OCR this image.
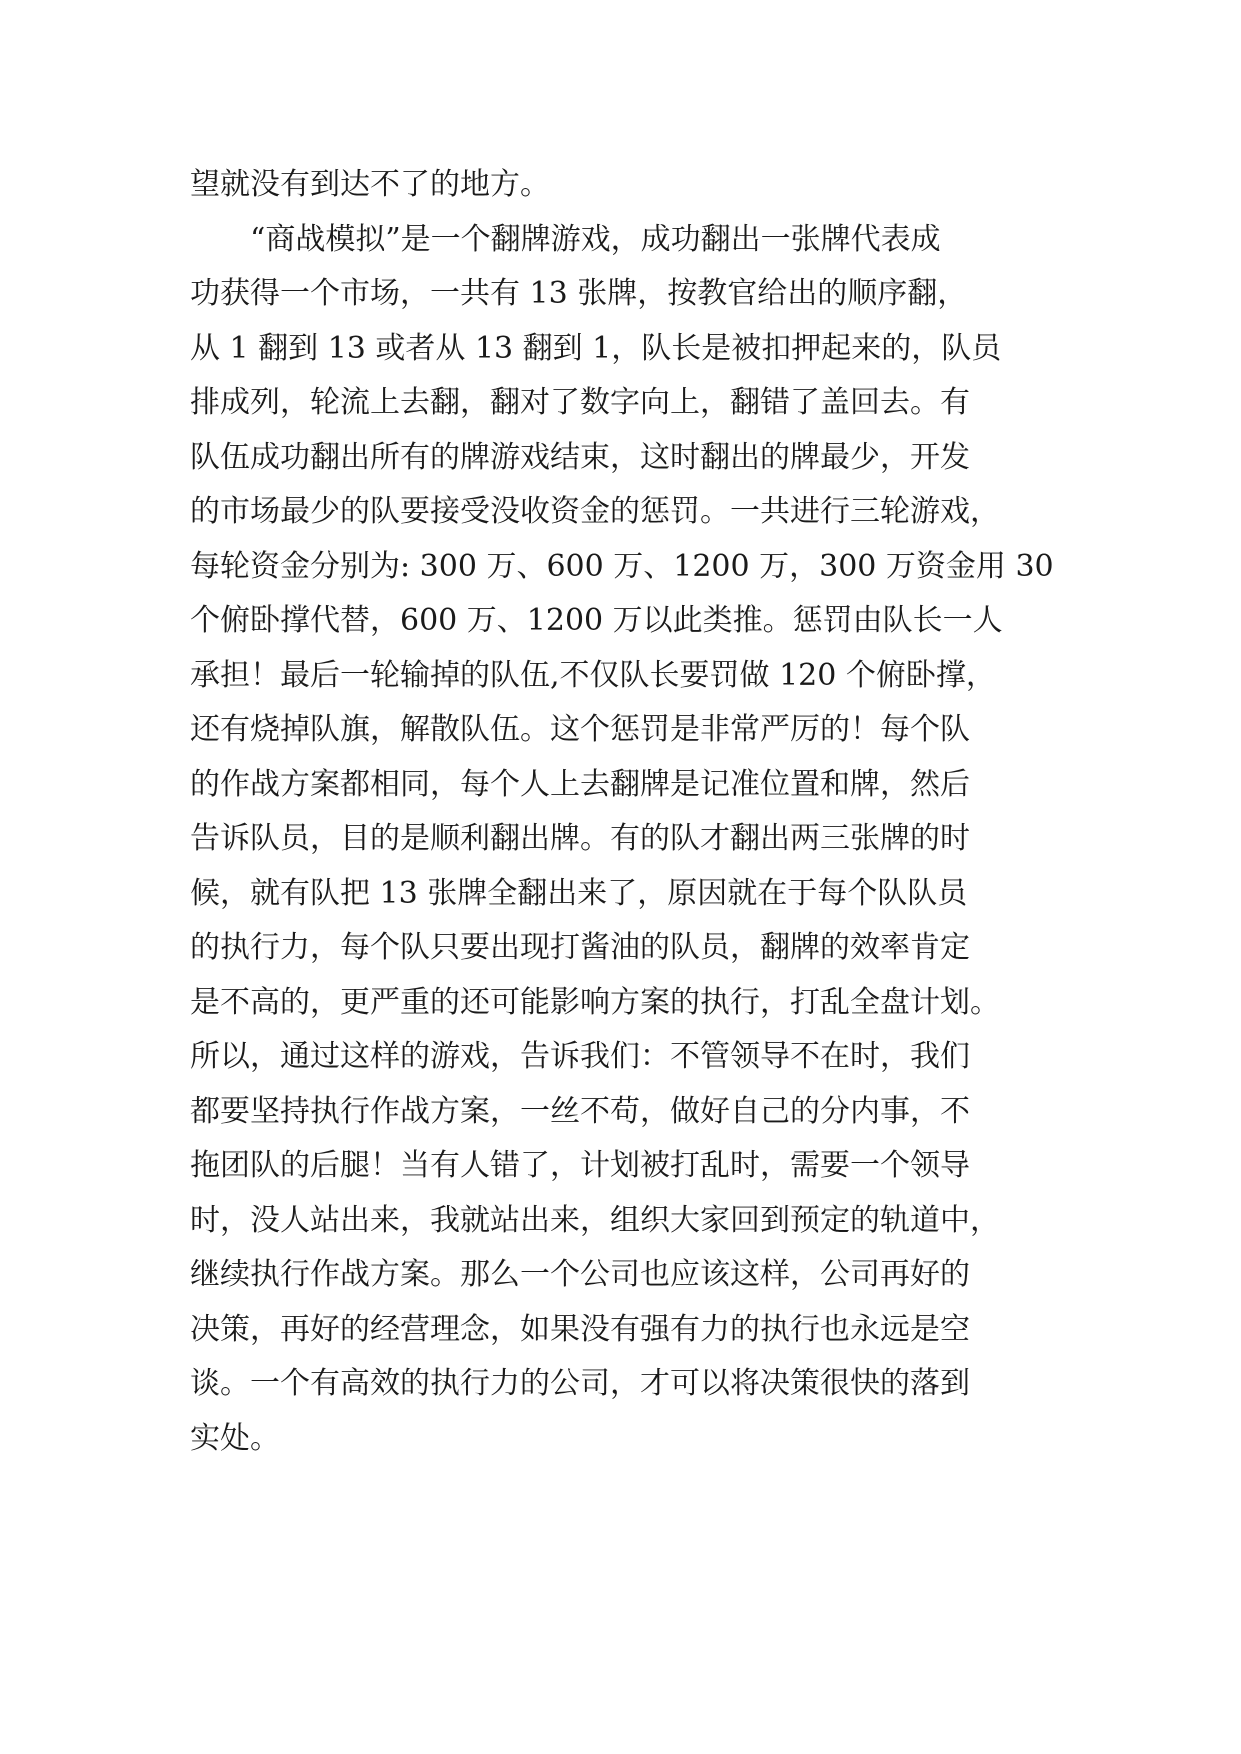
望就没有到达不了的地方。
　　“商战模拟”是一个翻牌游戏，成功翻出一张牌代表成
功获得一个市场，一共有 13 张牌，按教官给出的顺序翻，
从 1 翻到 13 或者从 13 翻到 1，队长是被扣押起来的，队员
排成列，轮流上去翻，翻对了数字向上，翻错了盖回去。有
队伍成功翻出所有的牌游戏结束，这时翻出的牌最少，开发
的市场最少的队要接受没收资金的惩罚。一共进行三轮游戏，
每轮资金分别为: 300 万、600 万、1200 万，300 万资金用 30
个俯卧撑代替，600 万、1200 万以此类推。惩罚由队长一人
承担！最后一轮输掉的队伍,不仅队长要罚做 120 个俯卧撑，
还有烧掉队旗，解散队伍。这个惩罚是非常严厉的！每个队
的作战方案都相同，每个人上去翻牌是记准位置和牌，然后
告诉队员，目的是顺利翻出牌。有的队才翻出两三张牌的时
候，就有队把 13 张牌全翻出来了，原因就在于每个队队员
的执行力，每个队只要出现打酱油的队员，翻牌的效率肯定
是不高的，更严重的还可能影响方案的执行，打乱全盘计划。
所以，通过这样的游戏，告诉我们：不管领导不在时，我们
都要坚持执行作战方案，一丝不苟，做好自己的分内事，不
拖团队的后腿！当有人错了，计划被打乱时，需要一个领导
时，没人站出来，我就站出来，组织大家回到预定的轨道中，
继续执行作战方案。那么一个公司也应该这样，公司再好的
决策，再好的经营理念，如果没有强有力的执行也永远是空
谈。一个有高效的执行力的公司，才可以将决策很快的落到
实处。
